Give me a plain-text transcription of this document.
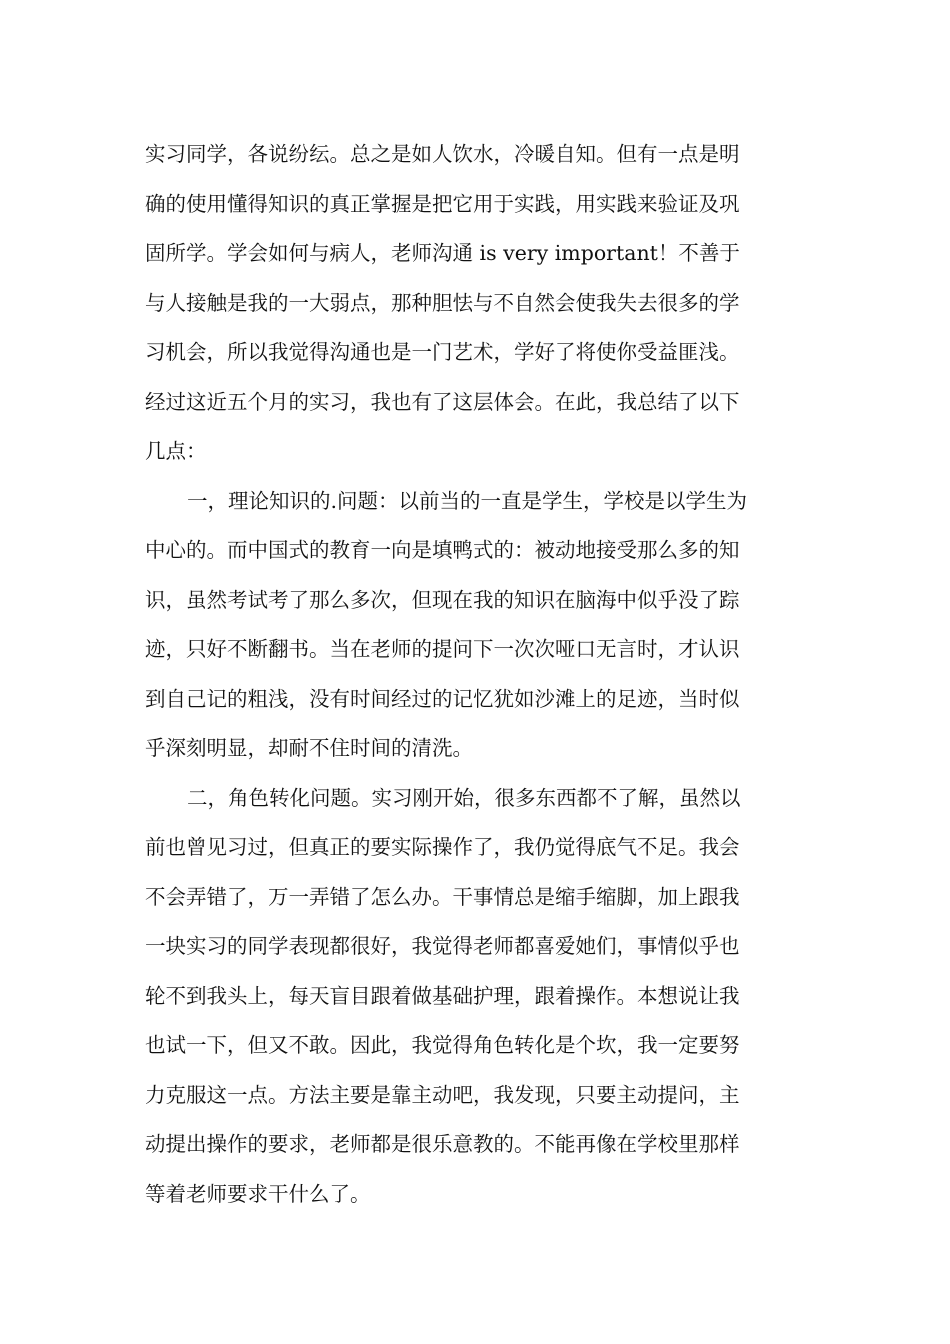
实习同学，各说纷纭。总之是如人饮水，冷暖自知。但有一点是明
确的使用懂得知识的真正掌握是把它用于实践，用实践来验证及巩
固所学。学会如何与病人，老师沟通 is very important！不善于
与人接触是我的一大弱点，那种胆怯与不自然会使我失去很多的学
习机会，所以我觉得沟通也是一门艺术，学好了将使你受益匪浅。
经过这近五个月的实习，我也有了这层体会。在此，我总结了以下
几点：
一，理论知识的.问题：以前当的一直是学生，学校是以学生为
中心的。而中国式的教育一向是填鸭式的：被动地接受那么多的知
识，虽然考试考了那么多次，但现在我的知识在脑海中似乎没了踪
迹，只好不断翻书。当在老师的提问下一次次哑口无言时，才认识
到自己记的粗浅，没有时间经过的记忆犹如沙滩上的足迹，当时似
乎深刻明显，却耐不住时间的清洗。
二，角色转化问题。实习刚开始，很多东西都不了解，虽然以
前也曾见习过，但真正的要实际操作了，我仍觉得底气不足。我会
不会弄错了，万一弄错了怎么办。干事情总是缩手缩脚，加上跟我
一块实习的同学表现都很好，我觉得老师都喜爱她们，事情似乎也
轮不到我头上，每天盲目跟着做基础护理，跟着操作。本想说让我
也试一下，但又不敢。因此，我觉得角色转化是个坎，我一定要努
力克服这一点。方法主要是靠主动吧，我发现，只要主动提问，主
动提出操作的要求，老师都是很乐意教的。不能再像在学校里那样
等着老师要求干什么了。
